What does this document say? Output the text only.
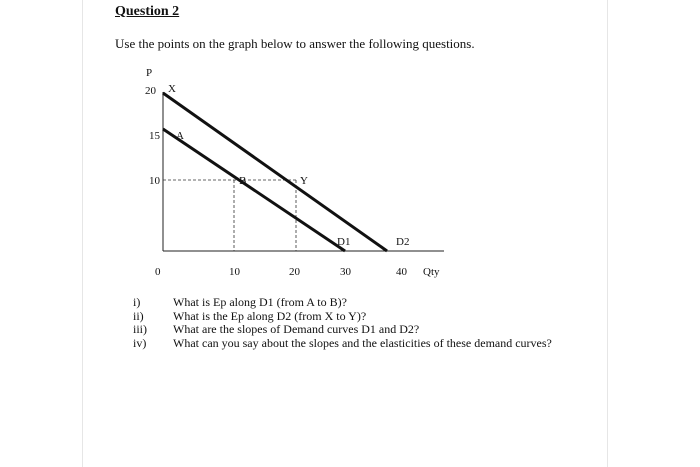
Question 2
Use the points on the graph below to answer the following questions.
P
Qty
20
15
10
0	10	20	30	40
X
A
B	Y
D1	D2
i)	What is Ep along D1 (from A to B)?
ii)	What is the Ep along D2 (from X to Y)?
iii)	What are the slopes of Demand curves D1 and D2?
iv)	What can you say about the slopes and the elasticities of these demand curves?
